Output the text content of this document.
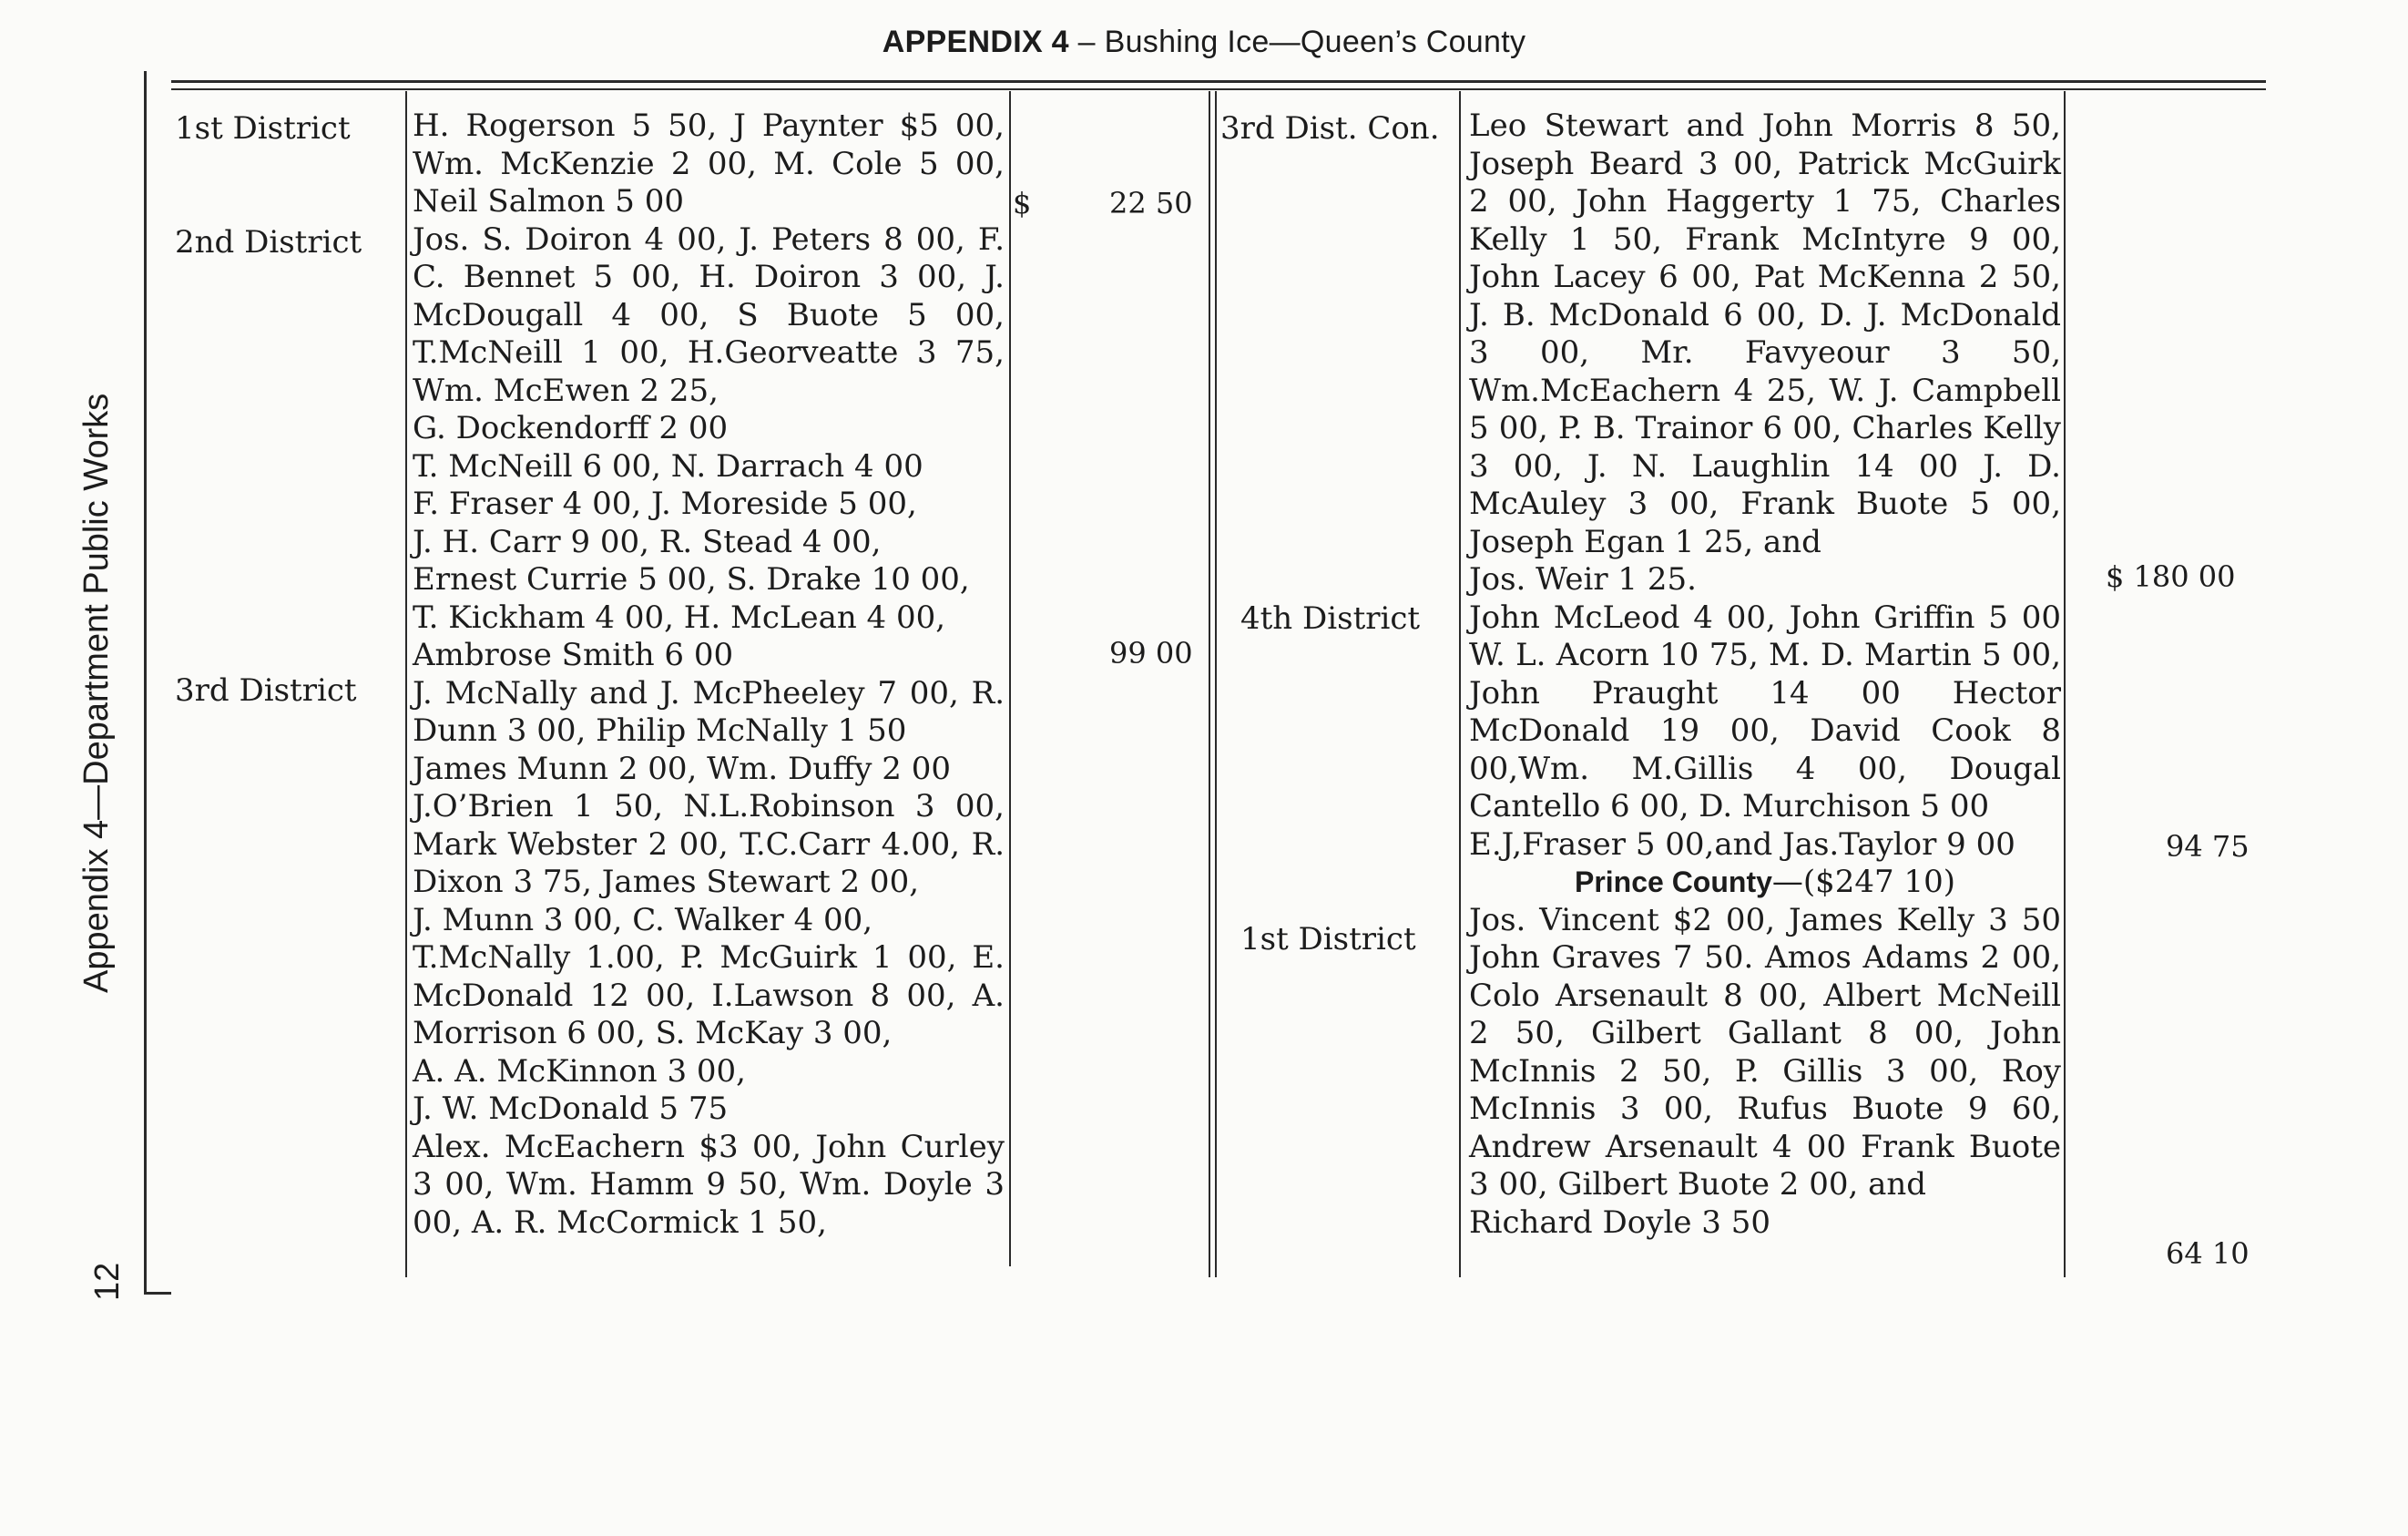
APPENDIX 4 – Bushing Ice—Queen’s County
Appendix 4—Department Public Works
12
1st District
2nd District
3rd District

H. Rogerson 5 50, J Paynter $5 00, Wm. McKenzie 2 00, M. Cole 5 00, Neil Salmon 5 00

Jos. S. Doiron 4 00, J. Peters 8 00, F. C. Bennet 5 00, H. Doiron 3 00, J. McDougall 4 00, S Buote 5 00, T.McNeill 1 00, H.Georveatte 3 75, Wm. McEwen 2 25,

G. Dockendorff 2 00

T. McNeill 6 00, N. Darrach 4 00

F. Fraser 4 00, J. Moreside 5 00,

J. H. Carr 9 00, R. Stead 4 00,

Ernest Currie 5 00, S. Drake 10 00,

T. Kickham 4 00, H. McLean 4 00,

Ambrose Smith 6 00

J. McNally and J. McPheeley 7 00, R. Dunn 3 00, Philip McNally 1 50

James Munn 2 00, Wm. Duffy 2 00

J.O’Brien 1 50, N.L.Robinson 3 00, Mark Webster 2 00, T.C.Carr 4.00, R. Dixon 3 75, James Stewart 2 00,

J. Munn 3 00, C. Walker 4 00,

T.McNally 1.00, P. McGuirk 1 00, E. McDonald 12 00, I.Lawson 8 00, A. Morrison 6 00, S. McKay 3 00,

A. A. McKinnon 3 00,

J. W. McDonald 5 75

Alex. McEachern $3 00, John Curley 3 00, Wm. Hamm 9 50, Wm. Doyle 3 00, A. R. McCormick 1 50,

$	22 50
99 00
3rd Dist. Con.
4th District
1st District

Leo Stewart and John Morris 8 50, Joseph Beard 3 00, Patrick McGuirk 2 00, John Haggerty 1 75, Charles Kelly 1 50, Frank McIntyre 9 00, John Lacey 6 00, Pat McKenna 2 50, J. B. McDonald 6 00, D. J. McDonald 3 00, Mr. Favyeour 3 50, Wm.McEachern 4 25, W. J. Campbell 5 00, P. B. Trainor 6 00, Charles Kelly 3 00, J. N. Laughlin 14 00 J. D. McAuley 3 00, Frank Buote 5 00, Joseph Egan 1 25, and

Jos. Weir 1 25.

John McLeod 4 00, John Griffin 5 00 W. L. Acorn 10 75, M. D. Martin 5 00, John Praught 14 00 Hector McDonald 19 00, David Cook 8 00,Wm. M.Gillis 4 00, Dougal Cantello 6 00, D. Murchison 5 00

E.J,Fraser 5 00,and Jas.Taylor 9 00

Prince County—($247 10)

Jos. Vincent $2 00, James Kelly 3 50 John Graves 7 50. Amos Adams 2 00, Colo Arsenault 8 00, Albert McNeill 2 50, Gilbert Gallant 8 00, John McInnis 2 50, P. Gillis 3 00, Roy McInnis 3 00, Rufus Buote 9 60, Andrew Arsenault 4 00 Frank Buote 3 00, Gilbert Buote 2 00, and

Richard Doyle 3 50

$ 180 00
94 75
64 10
